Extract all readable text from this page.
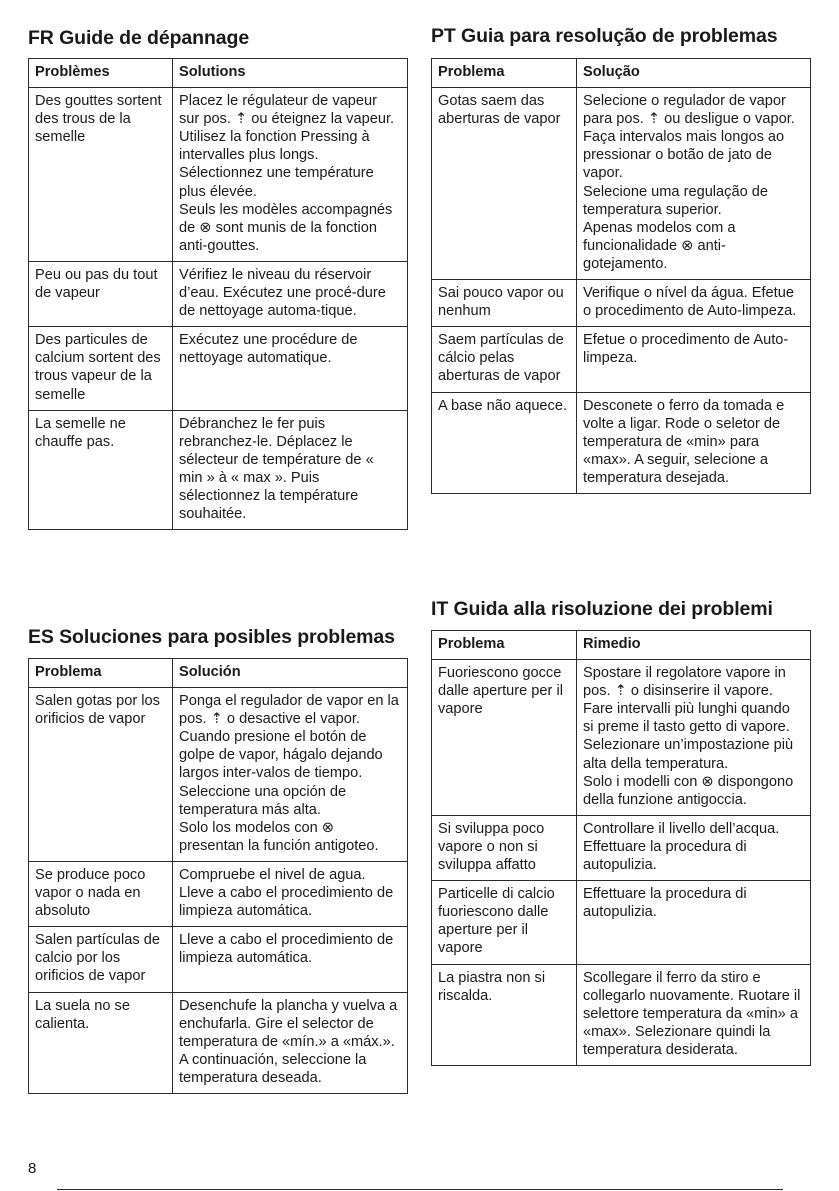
FR Guide de dépannage
Problèmes	Solutions
Des gouttes sortent des trous de la semelle	Placez le régulateur de vapeur sur pos. ⇡ ou éteignez la vapeur. Utilisez la fonction Pressing à intervalles plus longs.
Sélectionnez une température plus élevée.
Seuls les modèles accompagnés de ⊗ sont munis de la fonction anti-gouttes.

Peu ou pas du tout de vapeur	Vérifiez le niveau du réservoir d’eau. Exécutez une procé-dure de nettoyage automa-tique.

Des particules de calcium sortent des trous vapeur de la semelle	Exécutez une procédure de nettoyage automatique.

La semelle ne chauffe pas.	Débranchez le fer puis rebranchez-le. Déplacez le sélecteur de température de « min » à « max ». Puis sélectionnez la température souhaitée.
PT Guia para resolução de problemas
Problema	Solução
Gotas saem das aberturas de vapor	Selecione o regulador de vapor para pos. ⇡ ou desligue o vapor.
Faça intervalos mais longos ao pressionar o botão de jato de vapor.
Selecione uma regulação de temperatura superior.
Apenas modelos com a funcionalidade ⊗ anti-gotejamento.

Sai pouco vapor ou nenhum	Verifique o nível da água. Efetue o procedimento de Auto-limpeza.

Saem partículas de cálcio pelas aberturas de vapor	Efetue o procedimento de Auto-limpeza.

A base não aquece.	Desconete o ferro da tomada e volte a ligar. Rode o seletor de temperatura de «min» para «max». A seguir, selecione a temperatura desejada.
ES Soluciones para posibles problemas
Problema	Solución
Salen gotas por los orificios de vapor	Ponga el regulador de vapor en la pos. ⇡ o desactive el vapor. Cuando presione el botón de golpe de vapor, hágalo dejando largos inter-valos de tiempo.
Seleccione una opción de temperatura más alta.
Solo los modelos con ⊗ presentan la función antigoteo.

Se produce poco vapor o nada en absoluto	Compruebe el nivel de agua. Lleve a cabo el procedimiento de limpieza automática.

Salen partículas de calcio por los orificios de vapor	Lleve a cabo el procedimiento de limpieza automática.

La suela no se calienta.	Desenchufe la plancha y vuelva a enchufarla. Gire el selector de temperatura de «mín.» a «máx.». A continuación, seleccione la temperatura deseada.
IT Guida alla risoluzione dei problemi
Problema	Rimedio
Fuoriescono gocce dalle aperture per il vapore	Spostare il regolatore vapore in pos. ⇡ o disinserire il vapore. Fare intervalli più lunghi quando si preme il tasto getto di vapore.
Selezionare un’impostazione più alta della temperatura.
Solo i modelli con ⊗ dispongono della funzione antigoccia.

Si sviluppa poco vapore o non si sviluppa affatto	Controllare il livello dell’acqua. Effettuare la procedura di autopulizia.

Particelle di calcio fuoriescono dalle aperture per il vapore	Effettuare la procedura di autopulizia.

La piastra non si riscalda.	Scollegare il ferro da stiro e collegarlo nuovamente. Ruotare il selettore temperatura da «min» a «max». Selezionare quindi la temperatura desiderata.
8
